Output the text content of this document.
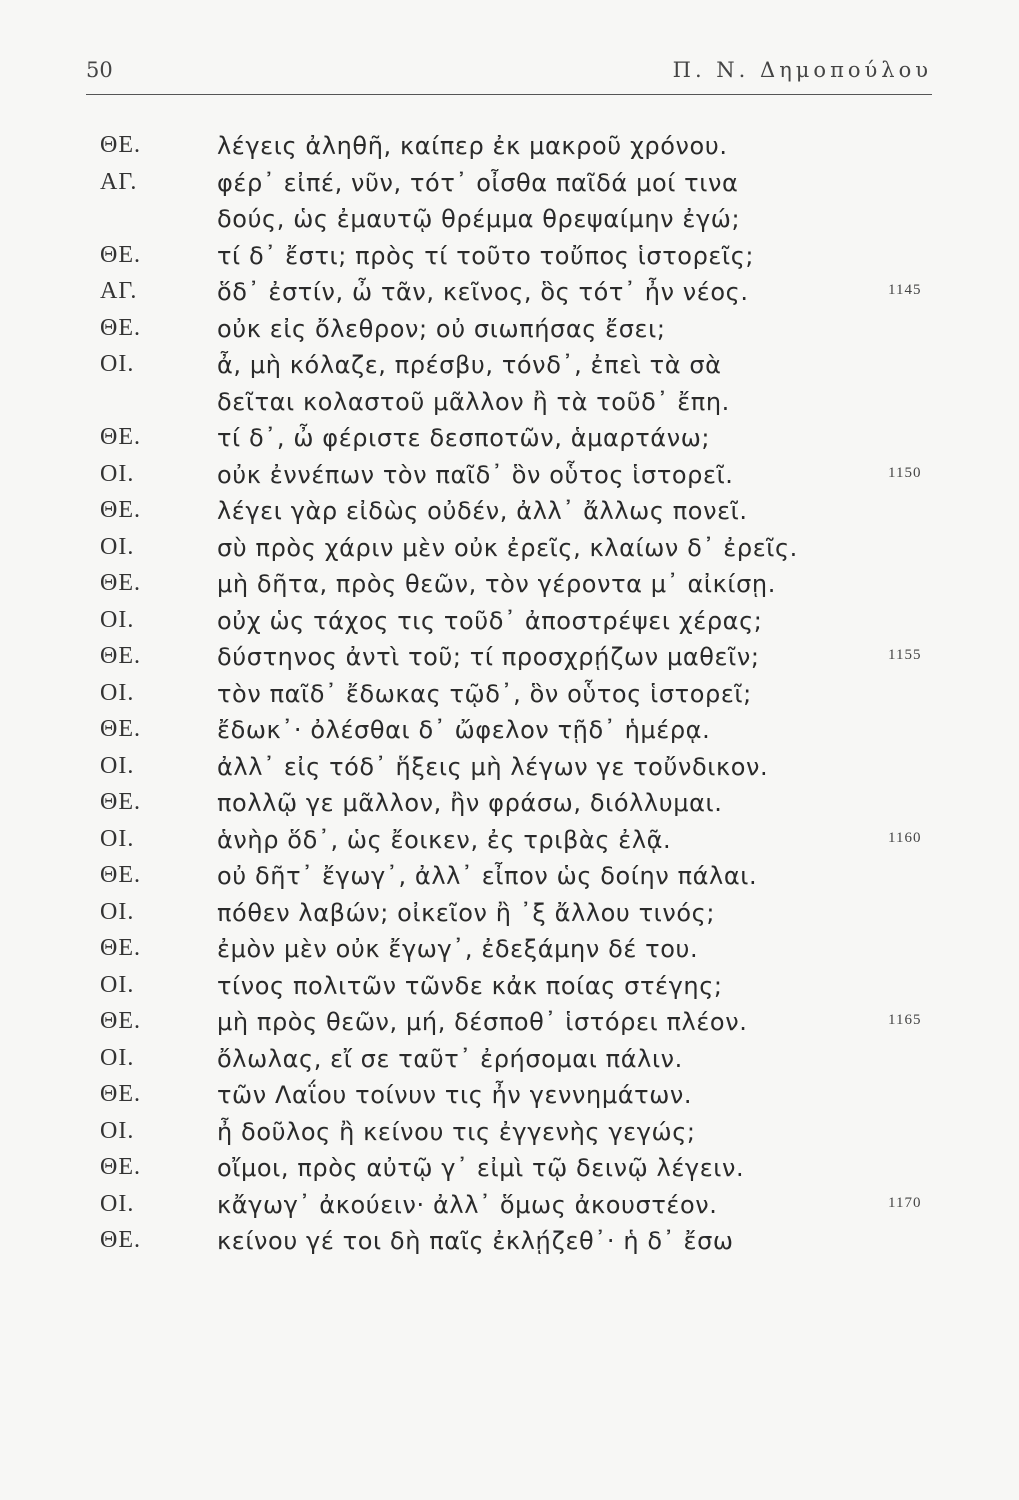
50	Π. Ν. Δημοπούλου
ΘΕ.	λέγεις ἀληθῆ, καίπερ ἐκ μακροῦ χρόνου.
ΑΓ.	φέρ᾽ εἰπέ, νῦν, τότ᾽ οἶσθα παῖδά μοί τινα
δούς, ὡς ἐμαυτῷ θρέμμα θρεψαίμην ἐγώ;
ΘΕ.	τί δ᾽ ἔστι; πρὸς τί τοῦτο τοὔπος ἱστορεῖς;
ΑΓ.	ὅδ᾽ ἐστίν, ὦ τᾶν, κεῖνος, ὃς τότ᾽ ἦν νέος.	1145
ΘΕ.	οὐκ εἰς ὄλεθρον; οὐ σιωπήσας ἔσει;
ΟΙ.	ἆ, μὴ κόλαζε, πρέσβυ, τόνδ᾽, ἐπεὶ τὰ σὰ
δεῖται κολαστοῦ μᾶλλον ἢ τὰ τοῦδ᾽ ἔπη.
ΘΕ.	τί δ᾽, ὦ φέριστε δεσποτῶν, ἁμαρτάνω;
ΟΙ.	οὐκ ἐννέπων τὸν παῖδ᾽ ὃν οὗτος ἱστορεῖ.	1150
ΘΕ.	λέγει γὰρ εἰδὼς οὐδέν, ἀλλ᾽ ἄλλως πονεῖ.
ΟΙ.	σὺ πρὸς χάριν μὲν οὐκ ἐρεῖς, κλαίων δ᾽ ἐρεῖς.
ΘΕ.	μὴ δῆτα, πρὸς θεῶν, τὸν γέροντα μ᾽ αἰκίσῃ.
ΟΙ.	οὐχ ὡς τάχος τις τοῦδ᾽ ἀποστρέψει χέρας;
ΘΕ.	δύστηνος ἀντὶ τοῦ; τί προσχρῄζων μαθεῖν;	1155
ΟΙ.	τὸν παῖδ᾽ ἔδωκας τῷδ᾽, ὃν οὗτος ἱστορεῖ;
ΘΕ.	ἔδωκ᾽· ὀλέσθαι δ᾽ ὤφελον τῇδ᾽ ἡμέρᾳ.
ΟΙ.	ἀλλ᾽ εἰς τόδ᾽ ἥξεις μὴ λέγων γε τοὔνδικον.
ΘΕ.	πολλῷ γε μᾶλλον, ἢν φράσω, διόλλυμαι.
ΟΙ.	ἁνὴρ ὅδ᾽, ὡς ἔοικεν, ἐς τριβὰς ἐλᾷ.	1160
ΘΕ.	οὐ δῆτ᾽ ἔγωγ᾽, ἀλλ᾽ εἶπον ὡς δοίην πάλαι.
ΟΙ.	πόθεν λαβών; οἰκεῖον ἢ ᾽ξ ἄλλου τινός;
ΘΕ.	ἐμὸν μὲν οὐκ ἔγωγ᾽, ἐδεξάμην δέ του.
ΟΙ.	τίνος πολιτῶν τῶνδε κἀκ ποίας στέγης;
ΘΕ.	μὴ πρὸς θεῶν, μή, δέσποθ᾽ ἱστόρει πλέον.	1165
ΟΙ.	ὄλωλας, εἴ σε ταῦτ᾽ ἐρήσομαι πάλιν.
ΘΕ.	τῶν Λαΐου τοίνυν τις ἦν γεννημάτων.
ΟΙ.	ἦ δοῦλος ἢ κείνου τις ἐγγενὴς γεγώς;
ΘΕ.	οἴμοι, πρὸς αὐτῷ γ᾽ εἰμὶ τῷ δεινῷ λέγειν.
ΟΙ.	κἄγωγ᾽ ἀκούειν· ἀλλ᾽ ὅμως ἀκουστέον.	1170
ΘΕ.	κείνου γέ τοι δὴ παῖς ἐκλῄζεθ᾽· ἡ δ᾽ ἔσω
